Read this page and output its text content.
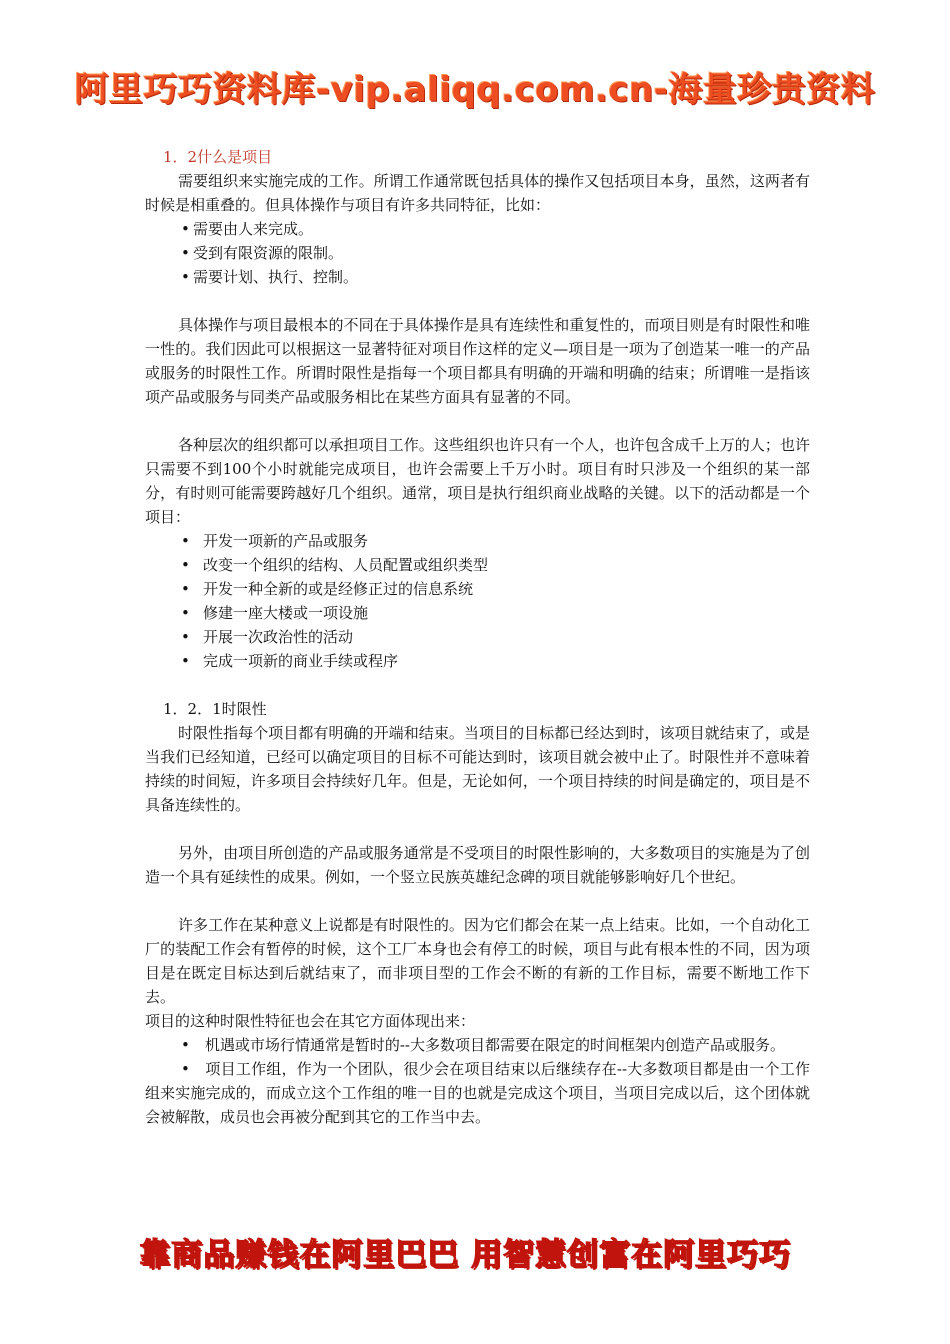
阿里巧巧资料库-vip.aliqq.com.cn-海量珍贵资料
1．2什么是项目

需要组织来实施完成的工作。所谓工作通常既包括具体的操作又包括项目本身，虽然，这两者有时候是相重叠的。但具体操作与项目有许多共同特征，比如：

• 需要由人来完成。
• 受到有限资源的限制。
• 需要计划、执行、控制。

具体操作与项目最根本的不同在于具体操作是具有连续性和重复性的，而项目则是有时限性和唯一性的。我们因此可以根据这一显著特征对项目作这样的定义—项目是一项为了创造某一唯一的产品或服务的时限性工作。所谓时限性是指每一个项目都具有明确的开端和明确的结束；所谓唯一是指该项产品或服务与同类产品或服务相比在某些方面具有显著的不同。

各种层次的组织都可以承担项目工作。这些组织也许只有一个人，也许包含成千上万的人；也许只需要不到100个小时就能完成项目，也许会需要上千万小时。项目有时只涉及一个组织的某一部分，有时则可能需要跨越好几个组织。通常，项目是执行组织商业战略的关键。以下的活动都是一个项目：

• 开发一项新的产品或服务
• 改变一个组织的结构、人员配置或组织类型
• 开发一种全新的或是经修正过的信息系统
• 修建一座大楼或一项设施
• 开展一次政治性的活动
• 完成一项新的商业手续或程序
1．2．1时限性

时限性指每个项目都有明确的开端和结束。当项目的目标都已经达到时，该项目就结束了，或是当我们已经知道，已经可以确定项目的目标不可能达到时，该项目就会被中止了。时限性并不意味着持续的时间短，许多项目会持续好几年。但是，无论如何，一个项目持续的时间是确定的，项目是不具备连续性的。

另外，由项目所创造的产品或服务通常是不受项目的时限性影响的，大多数项目的实施是为了创造一个具有延续性的成果。例如，一个竖立民族英雄纪念碑的项目就能够影响好几个世纪。

许多工作在某种意义上说都是有时限性的。因为它们都会在某一点上结束。比如，一个自动化工厂的装配工作会有暂停的时候，这个工厂本身也会有停工的时候，项目与此有根本性的不同，因为项目是在既定目标达到后就结束了，而非项目型的工作会不断的有新的工作目标，需要不断地工作下去。

项目的这种时限性特征也会在其它方面体现出来：

•　机遇或市场行情通常是暂时的--大多数项目都需要在限定的时间框架内创造产品或服务。

•　项目工作组，作为一个团队，很少会在项目结束以后继续存在--大多数项目都是由一个工作组来实施完成的，而成立这个工作组的唯一目的也就是完成这个项目，当项目完成以后，这个团体就会被解散，成员也会再被分配到其它的工作当中去。

靠商品赚钱在阿里巴巴 用智慧创富在阿里巧巧
